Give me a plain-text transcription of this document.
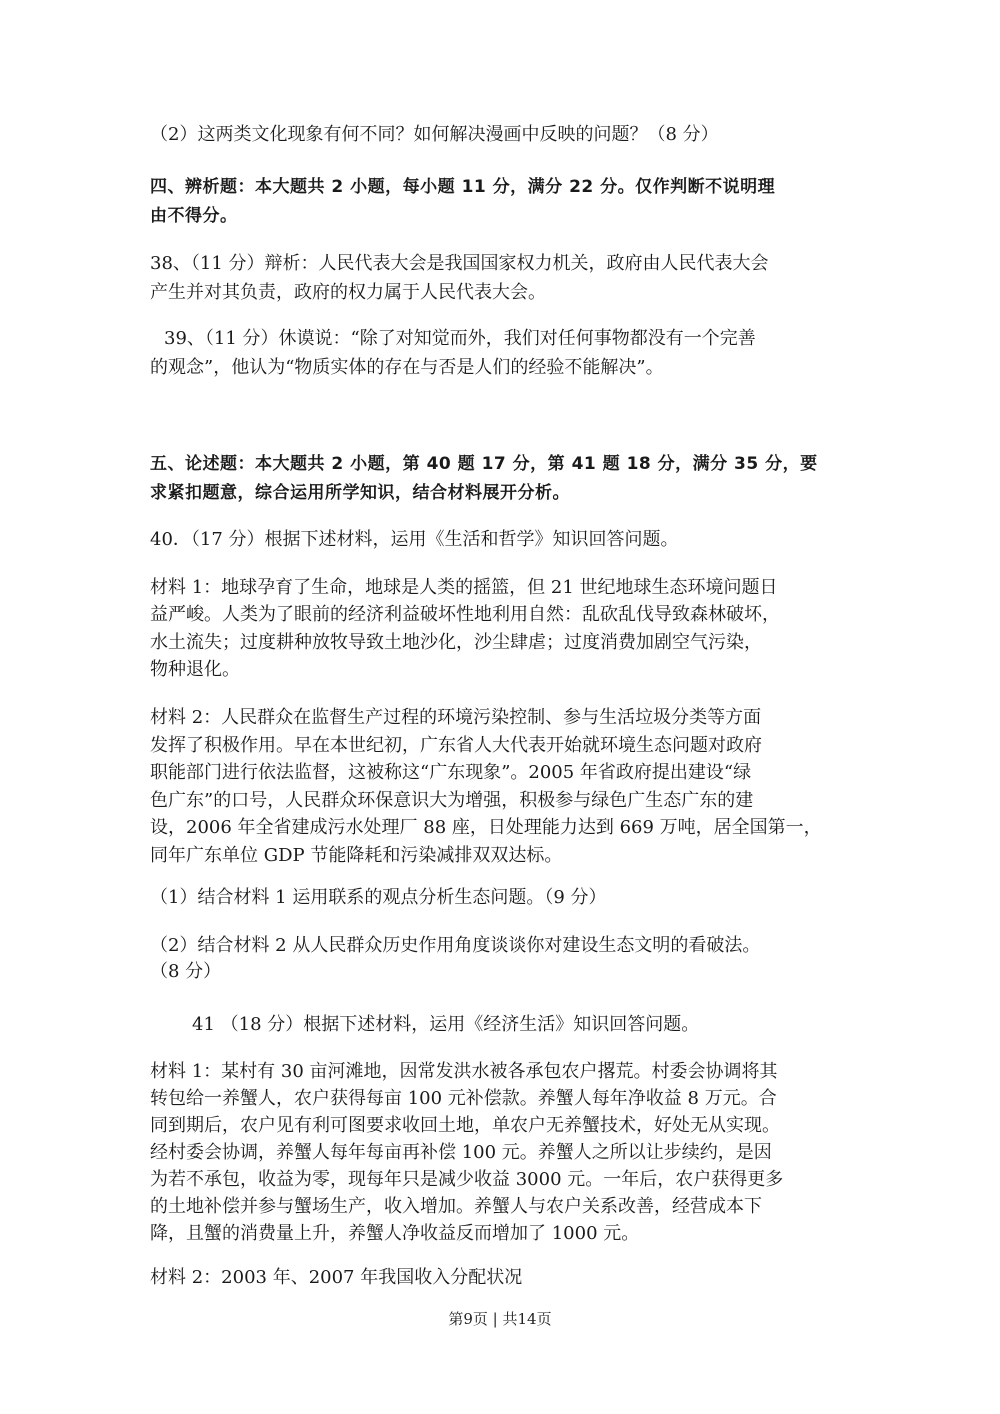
（2）这两类文化现象有何不同？如何解决漫画中反映的问题？（8 分）
四、辨析题：本大题共 2 小题，每小题 11 分，满分 22 分。仅作判断不说明理
由不得分。
38、（11 分）辩析：人民代表大会是我国国家权力机关，政府由人民代表大会
产生并对其负责，政府的权力属于人民代表大会。
39、（11 分）休谟说：“除了对知觉而外，我们对任何事物都没有一个完善
的观念”，他认为“物质实体的存在与否是人们的经验不能解决”。
五、论述题：本大题共 2 小题，第 40 题 17 分，第 41 题 18 分，满分 35 分，要
求紧扣题意，综合运用所学知识，结合材料展开分析。
40．（17 分）根据下述材料，运用《生活和哲学》知识回答问题。
材料 1：地球孕育了生命，地球是人类的摇篮，但 21 世纪地球生态环境问题日
益严峻。人类为了眼前的经济利益破坏性地利用自然：乱砍乱伐导致森林破坏，
水土流失；过度耕种放牧导致土地沙化，沙尘肆虐；过度消费加剧空气污染，
物种退化。
材料 2：人民群众在监督生产过程的环境污染控制、参与生活垃圾分类等方面
发挥了积极作用。早在本世纪初，广东省人大代表开始就环境生态问题对政府
职能部门进行依法监督，这被称这“广东现象”。2005 年省政府提出建设“绿
色广东”的口号，人民群众环保意识大为增强，积极参与绿色广生态广东的建
设，2006 年全省建成污水处理厂 88 座，日处理能力达到 669 万吨，居全国第一，
同年广东单位 GDP 节能降耗和污染减排双双达标。
（1）结合材料 1 运用联系的观点分析生态问题。（9 分）
（2）结合材料 2 从人民群众历史作用角度谈谈你对建设生态文明的看破法。
（8 分）
41 （18 分）根据下述材料，运用《经济生活》知识回答问题。
材料 1：某村有 30 亩河滩地，因常发洪水被各承包农户撂荒。村委会协调将其
转包给一养蟹人，农户获得每亩 100 元补偿款。养蟹人每年净收益 8 万元。合
同到期后，农户见有利可图要求收回土地，单农户无养蟹技术，好处无从实现。
经村委会协调，养蟹人每年每亩再补偿 100 元。养蟹人之所以让步续约，是因
为若不承包，收益为零，现每年只是减少收益 3000 元。一年后，农户获得更多
的土地补偿并参与蟹场生产，收入增加。养蟹人与农户关系改善，经营成本下
降，且蟹的消费量上升，养蟹人净收益反而增加了 1000 元。
材料 2：2003 年、2007 年我国收入分配状况
第9页 | 共14页
